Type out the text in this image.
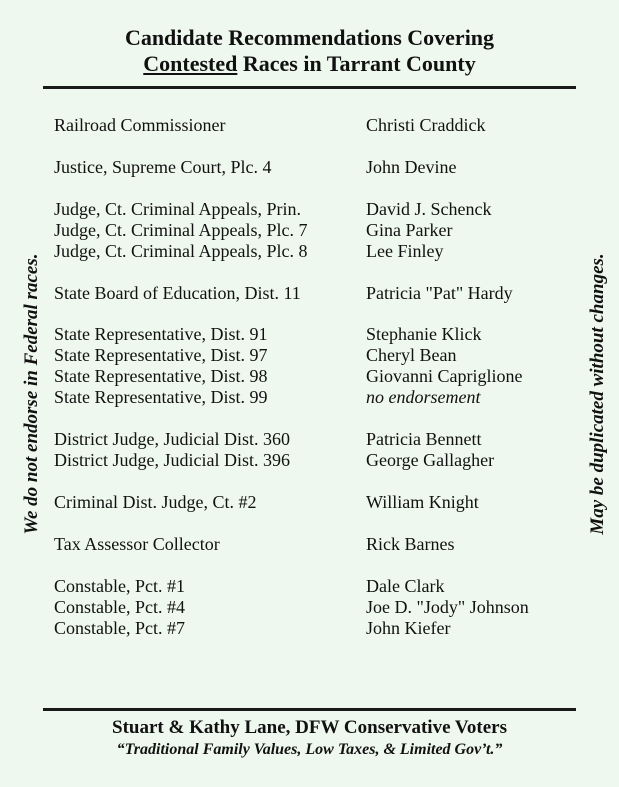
Candidate Recommendations Covering
Contested Races in Tarrant County
We do not endorse in Federal races.	May be duplicated without changes.
Railroad Commissioner	Christi Craddick
Justice, Supreme Court, Plc. 4	John Devine
Judge, Ct. Criminal Appeals, Prin.	David J. Schenck
Judge, Ct. Criminal Appeals, Plc. 7	Gina Parker
Judge, Ct. Criminal Appeals, Plc. 8	Lee Finley
State Board of Education, Dist. 11	Patricia "Pat" Hardy
State Representative, Dist. 91	Stephanie Klick
State Representative, Dist. 97	Cheryl Bean
State Representative, Dist. 98	Giovanni Capriglione
State Representative, Dist. 99	no endorsement
District Judge, Judicial Dist. 360	Patricia Bennett
District Judge, Judicial Dist. 396	George Gallagher
Criminal Dist. Judge, Ct. #2	William Knight
Tax Assessor Collector	Rick Barnes
Constable, Pct. #1	Dale Clark
Constable, Pct. #4	Joe D. "Jody" Johnson
Constable, Pct. #7	John Kiefer
Stuart & Kathy Lane, DFW Conservative Voters
“Traditional Family Values, Low Taxes, & Limited Gov’t.”
